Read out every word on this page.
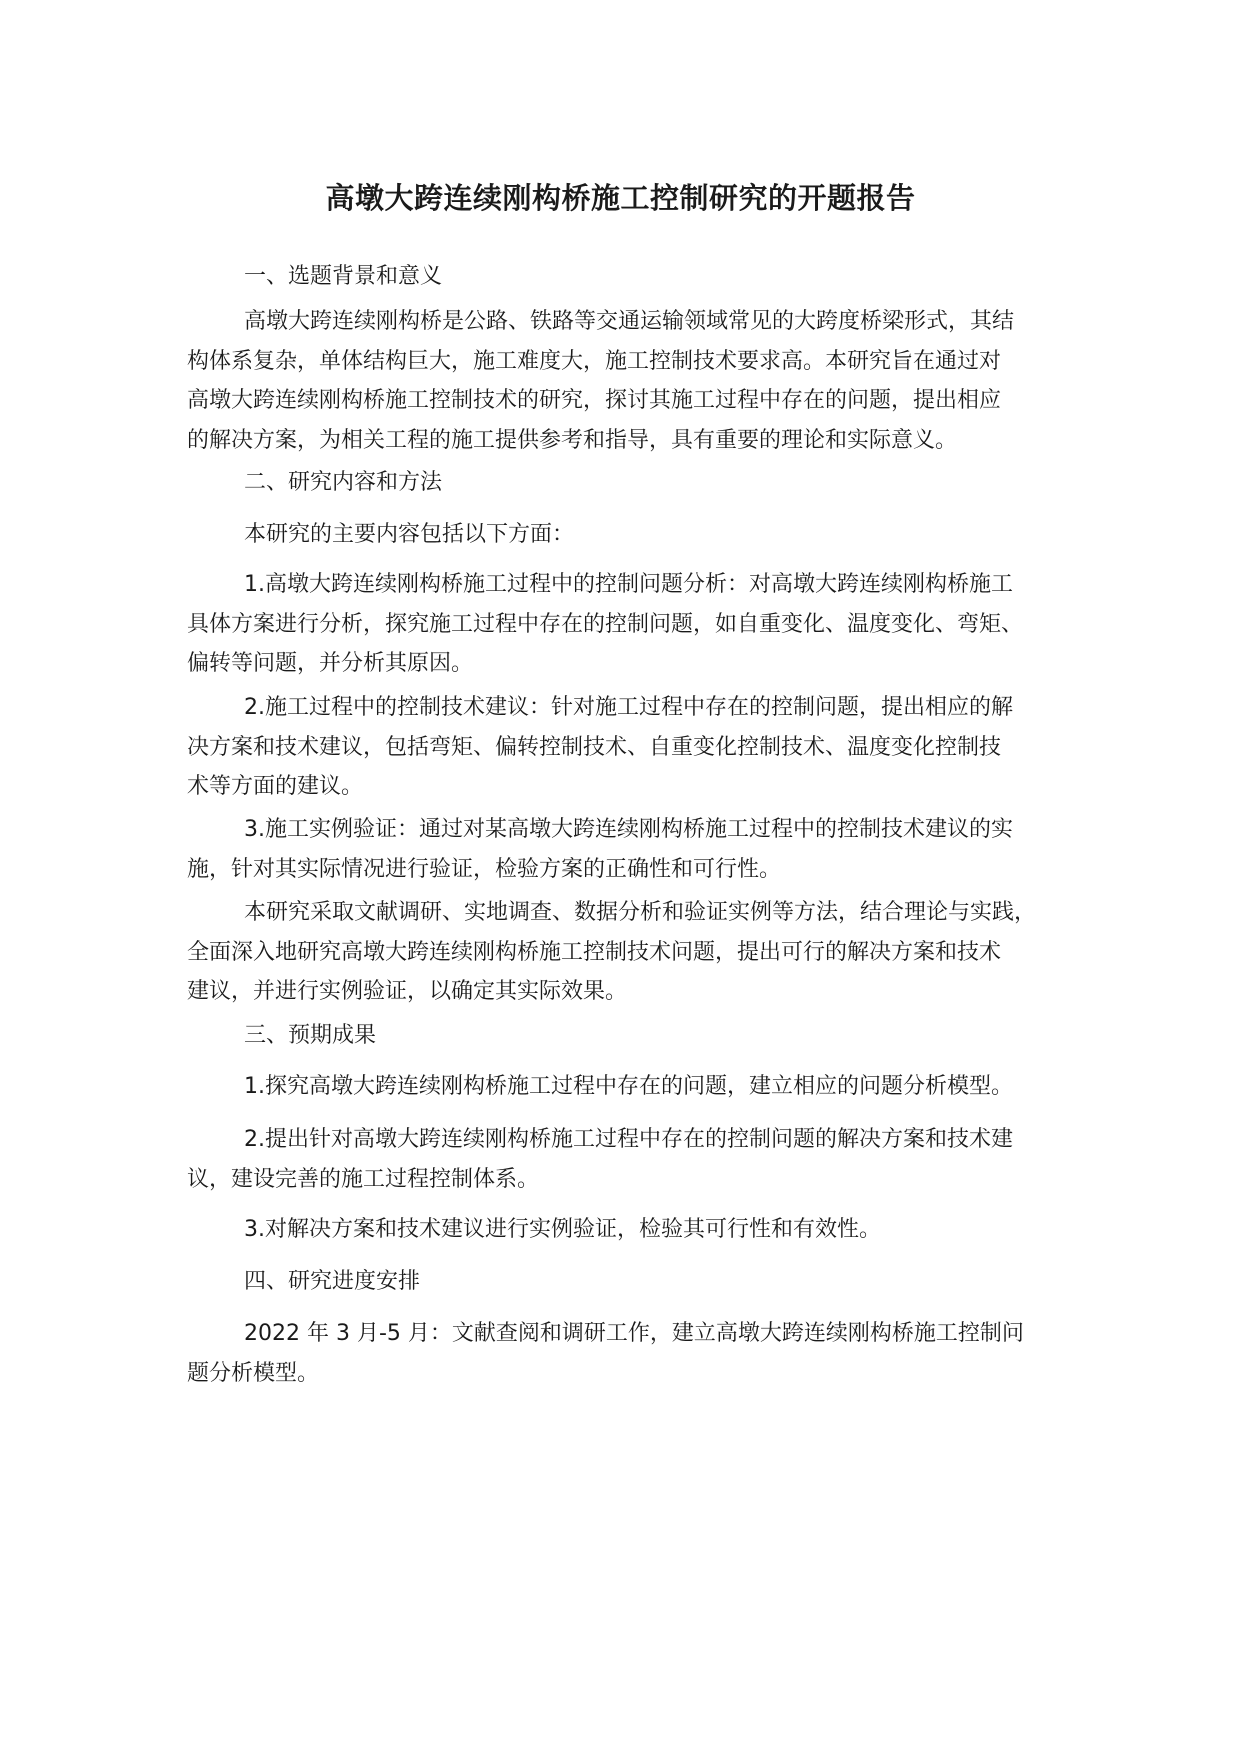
高墩大跨连续刚构桥施工控制研究的开题报告

一、选题背景和意义

高墩大跨连续刚构桥是公路、铁路等交通运输领域常见的大跨度桥梁形式，其结
构体系复杂，单体结构巨大，施工难度大，施工控制技术要求高。本研究旨在通过对
高墩大跨连续刚构桥施工控制技术的研究，探讨其施工过程中存在的问题，提出相应
的解决方案，为相关工程的施工提供参考和指导，具有重要的理论和实际意义。

二、研究内容和方法

本研究的主要内容包括以下方面：

1.高墩大跨连续刚构桥施工过程中的控制问题分析：对高墩大跨连续刚构桥施工
具体方案进行分析，探究施工过程中存在的控制问题，如自重变化、温度变化、弯矩、
偏转等问题，并分析其原因。

2.施工过程中的控制技术建议：针对施工过程中存在的控制问题，提出相应的解
决方案和技术建议，包括弯矩、偏转控制技术、自重变化控制技术、温度变化控制技
术等方面的建议。

3.施工实例验证：通过对某高墩大跨连续刚构桥施工过程中的控制技术建议的实
施，针对其实际情况进行验证，检验方案的正确性和可行性。

本研究采取文献调研、实地调查、数据分析和验证实例等方法，结合理论与实践，
全面深入地研究高墩大跨连续刚构桥施工控制技术问题，提出可行的解决方案和技术
建议，并进行实例验证，以确定其实际效果。

三、预期成果

1.探究高墩大跨连续刚构桥施工过程中存在的问题，建立相应的问题分析模型。

2.提出针对高墩大跨连续刚构桥施工过程中存在的控制问题的解决方案和技术建
议，建设完善的施工过程控制体系。

3.对解决方案和技术建议进行实例验证，检验其可行性和有效性。

四、研究进度安排

2022 年 3 月-5 月：文献查阅和调研工作，建立高墩大跨连续刚构桥施工控制问
题分析模型。
